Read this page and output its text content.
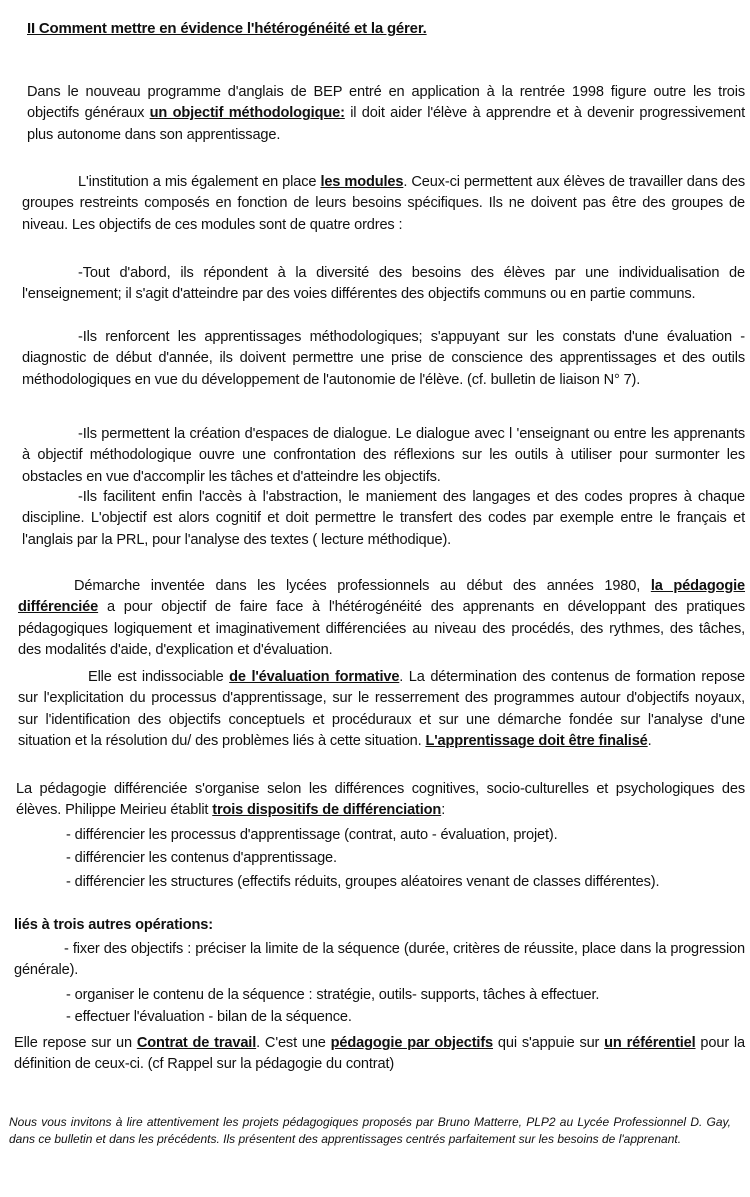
II Comment mettre en évidence l'hétérogénéité et la gérer.

Dans le nouveau programme d'anglais de BEP entré en application à la rentrée 1998 figure outre les trois objectifs généraux un objectif méthodologique: il doit aider l'élève à apprendre et à devenir progressivement plus autonome dans son apprentissage.

L'institution a mis également en place les modules. Ceux-ci permettent aux élèves de travailler dans des groupes restreints composés en fonction de leurs besoins spécifiques. Ils ne doivent pas être des groupes de niveau. Les objectifs de ces modules sont de quatre ordres :

-Tout d'abord, ils répondent à la diversité des besoins des élèves par une individualisation de l'enseignement; il s'agit d'atteindre par des voies différentes des objectifs communs ou en partie communs.

-Ils renforcent les apprentissages méthodologiques; s'appuyant sur les constats d'une évaluation - diagnostic de début d'année, ils doivent permettre une prise de conscience des apprentissages et des outils méthodologiques en vue du développement de l'autonomie de l'élève. (cf. bulletin de liaison N° 7).

-Ils permettent la création d'espaces de dialogue. Le dialogue avec l 'enseignant ou entre les apprenants à objectif méthodologique ouvre une confrontation des réflexions sur les outils à utiliser pour surmonter les obstacles en vue d'accomplir les tâches et d'atteindre les objectifs.

-Ils facilitent enfin l'accès à l'abstraction, le maniement des langages et des codes propres à chaque discipline. L'objectif est alors cognitif et doit permettre le transfert des codes par exemple entre le français et l'anglais par la PRL, pour l'analyse des textes ( lecture méthodique).

Démarche inventée dans les lycées professionnels au début des années 1980, la pédagogie différenciée a pour objectif de faire face à l'hétérogénéité des apprenants en développant des pratiques pédagogiques logiquement et imaginativement différenciées au niveau des procédés, des rythmes, des tâches, des modalités d'aide, d'explication et d'évaluation.

Elle est indissociable de l'évaluation formative. La détermination des contenus de formation repose sur l'explicitation du processus d'apprentissage, sur le resserrement des programmes autour d'objectifs noyaux, sur l'identification des objectifs conceptuels et procéduraux et sur une démarche fondée sur l'analyse d'une situation et la résolution du/ des problèmes liés à cette situation. L'apprentissage doit être finalisé.

La pédagogie différenciée s'organise selon les différences cognitives, socio-culturelles et psychologiques des élèves. Philippe Meirieu établit trois dispositifs de différenciation:

- différencier les processus d'apprentissage (contrat, auto - évaluation, projet).
- différencier les contenus d'apprentissage.
- différencier les structures (effectifs réduits, groupes aléatoires venant de classes différentes).
liés à trois autres opérations:

- fixer des objectifs : préciser la limite de la séquence (durée, critères de réussite, place dans la progression générale).

- organiser le contenu de la séquence : stratégie, outils- supports, tâches à effectuer.
- effectuer l'évaluation - bilan de la séquence.

Elle repose sur un Contrat de travail. C'est une pédagogie par objectifs qui s'appuie sur un référentiel pour la définition de ceux-ci. (cf Rappel sur la pédagogie du contrat)

Nous vous invitons à lire attentivement les projets pédagogiques proposés par Bruno Matterre, PLP2 au Lycée Professionnel D. Gay, dans ce bulletin et dans les précédents. Ils présentent des apprentissages centrés parfaitement sur les besoins de l'apprenant.
